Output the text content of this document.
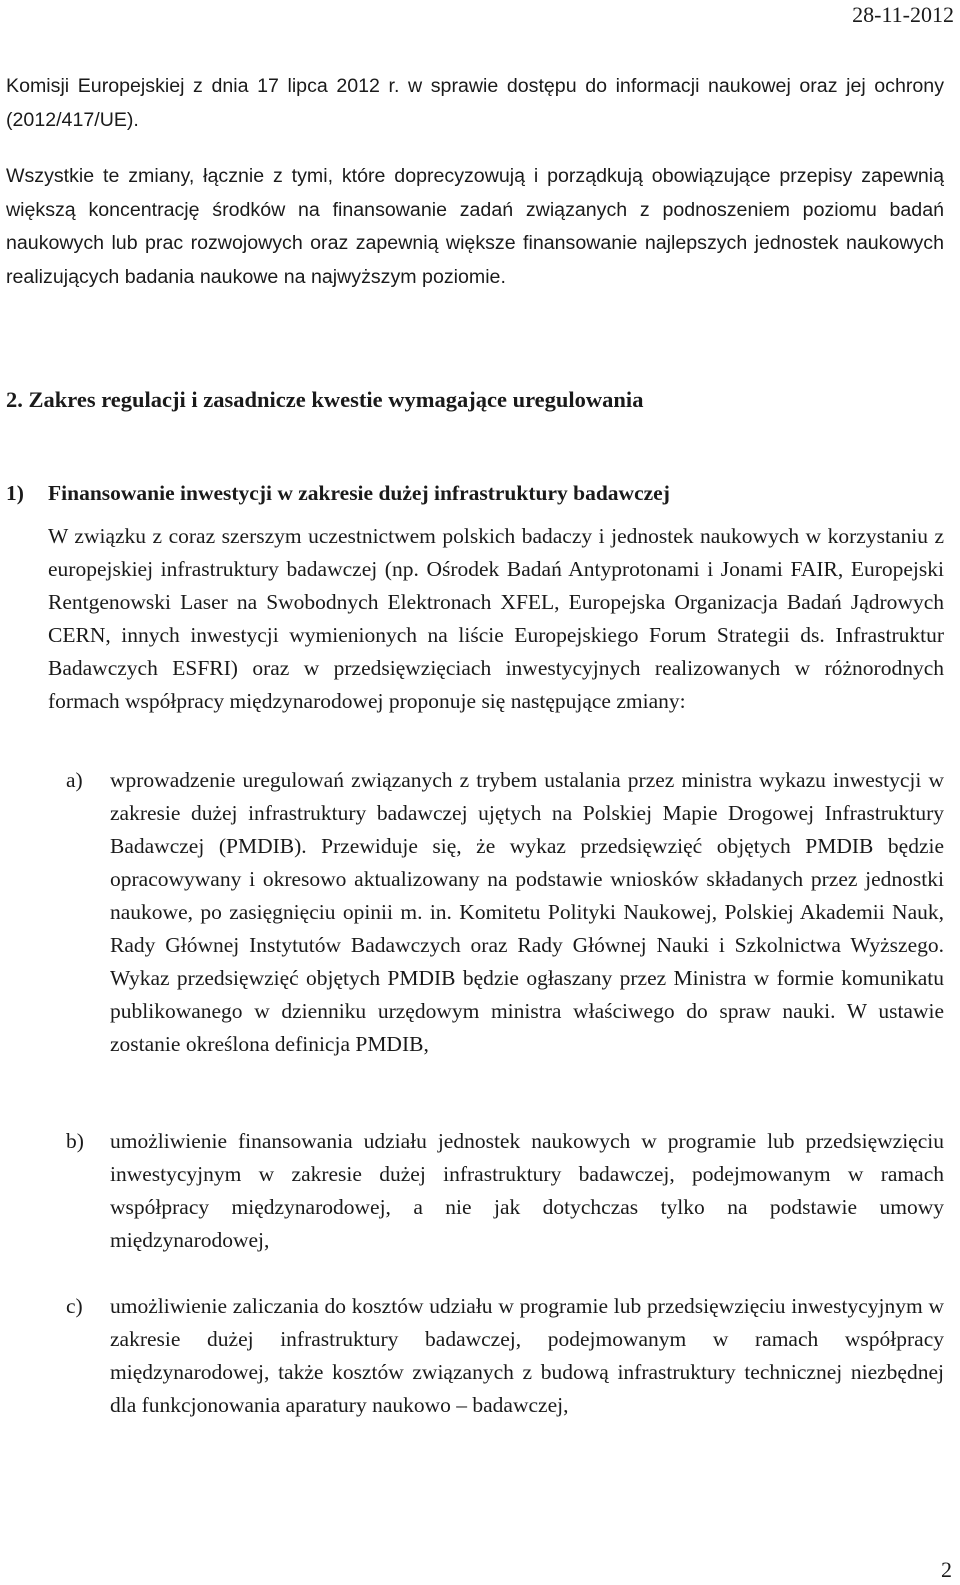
28-11-2012

Komisji Europejskiej z dnia 17 lipca 2012 r. w sprawie dostępu do informacji naukowej oraz jej ochrony (2012/417/UE).

Wszystkie te zmiany, łącznie z tymi, które doprecyzowują i porządkują obowiązujące przepisy zapewnią większą koncentrację środków na finansowanie zadań związanych z podnoszeniem poziomu badań naukowych lub prac rozwojowych oraz zapewnią większe finansowanie najlepszych jednostek naukowych realizujących badania naukowe na najwyższym poziomie.

2. Zakres regulacji i zasadnicze kwestie wymagające uregulowania
1) Finansowanie inwestycji w zakresie dużej infrastruktury badawczej

W związku z coraz szerszym uczestnictwem polskich badaczy i jednostek naukowych w korzystaniu z europejskiej infrastruktury badawczej (np. Ośrodek Badań Antyprotonami i Jonami FAIR, Europejski Rentgenowski Laser na Swobodnych Elektronach XFEL, Europejska Organizacja Badań Jądrowych CERN, innych inwestycji wymienionych na liście Europejskiego Forum Strategii ds. Infrastruktur Badawczych ESFRI) oraz w przedsięwzięciach inwestycyjnych realizowanych w różnorodnych formach współpracy międzynarodowej proponuje się następujące zmiany:

a) wprowadzenie uregulowań związanych z trybem ustalania przez ministra wykazu inwestycji w zakresie dużej infrastruktury badawczej ujętych na Polskiej Mapie Drogowej Infrastruktury Badawczej (PMDIB). Przewiduje się, że wykaz przedsięwzięć objętych PMDIB będzie opracowywany i okresowo aktualizowany na podstawie wniosków składanych przez jednostki naukowe, po zasięgnięciu opinii m. in. Komitetu Polityki Naukowej, Polskiej Akademii Nauk, Rady Głównej Instytutów Badawczych oraz Rady Głównej Nauki i Szkolnictwa Wyższego. Wykaz przedsięwzięć objętych PMDIB będzie ogłaszany przez Ministra w formie komunikatu publikowanego w dzienniku urzędowym ministra właściwego do spraw nauki. W ustawie zostanie określona definicja PMDIB,

b) umożliwienie finansowania udziału jednostek naukowych w programie lub przedsięwzięciu inwestycyjnym w zakresie dużej infrastruktury badawczej, podejmowanym w ramach współpracy międzynarodowej, a nie jak dotychczas tylko na podstawie umowy międzynarodowej,

c) umożliwienie zaliczania do kosztów udziału w programie lub przedsięwzięciu inwestycyjnym w zakresie dużej infrastruktury badawczej, podejmowanym w ramach współpracy międzynarodowej, także kosztów związanych z budową infrastruktury technicznej niezbędnej dla funkcjonowania aparatury naukowo – badawczej,

2
